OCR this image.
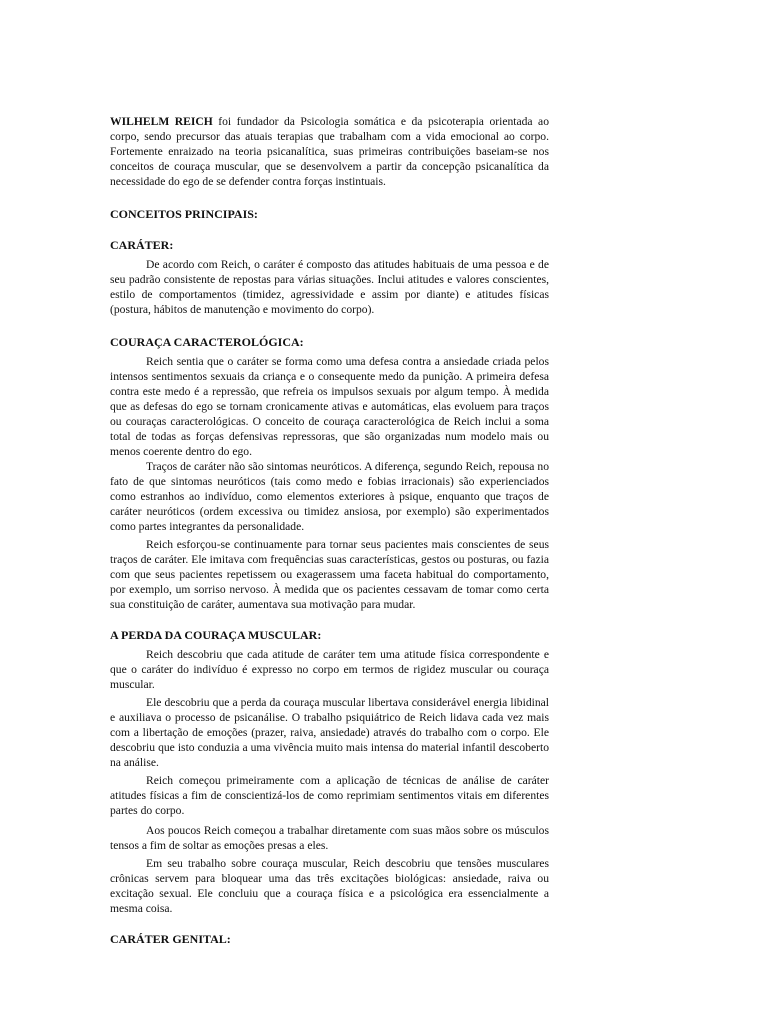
WILHELM REICH foi fundador da Psicologia somática e da psicoterapia orientada ao corpo, sendo precursor das atuais terapias que trabalham com a vida emocional ao corpo. Fortemente enraizado na teoria psicanalítica, suas primeiras contribuições baseiam-se nos conceitos de couraça muscular, que se desenvolvem a partir da concepção psicanalítica da necessidade do ego de se defender contra forças instintuais.

CONCEITOS PRINCIPAIS:
CARÁTER:

De acordo com Reich, o caráter é composto das atitudes habituais de uma pessoa e de seu padrão consistente de repostas para várias situações. Inclui atitudes e valores conscientes, estilo de comportamentos (timidez, agressividade e assim por diante) e atitudes físicas (postura, hábitos de manutenção e movimento do corpo).

COURAÇA CARACTEROLÓGICA:

Reich sentia que o caráter se forma como uma defesa contra a ansiedade criada pelos intensos sentimentos sexuais da criança e o consequente medo da punição. A primeira defesa contra este medo é a repressão, que refreia os impulsos sexuais por algum tempo. À medida que as defesas do ego se tornam cronicamente ativas e automáticas, elas evoluem para traços ou couraças caracterológicas. O conceito de couraça caracterológica de Reich inclui a soma total de todas as forças defensivas repressoras, que são organizadas num modelo mais ou menos coerente dentro do ego.

Traços de caráter não são sintomas neuróticos. A diferença, segundo Reich, repousa no fato de que sintomas neuróticos (tais como medo e fobias irracionais) são experienciados como estranhos ao indivíduo, como elementos exteriores à psique, enquanto que traços de caráter neuróticos (ordem excessiva ou timidez ansiosa, por exemplo) são experimentados como partes integrantes da personalidade.

Reich esforçou-se continuamente para tornar seus pacientes mais conscientes de seus traços de caráter. Ele imitava com frequências suas características, gestos ou posturas, ou fazia com que seus pacientes repetissem ou exagerassem uma faceta habitual do comportamento, por exemplo, um sorriso nervoso. À medida que os pacientes cessavam de tomar como certa sua constituição de caráter, aumentava sua motivação para mudar.

A PERDA DA COURAÇA MUSCULAR:

Reich descobriu que cada atitude de caráter tem uma atitude física correspondente e que o caráter do indivíduo é expresso no corpo em termos de rigidez muscular ou couraça muscular.

Ele descobriu que a perda da couraça muscular libertava considerável energia libidinal e auxiliava o processo de psicanálise. O trabalho psiquiátrico de Reich lidava cada vez mais com a libertação de emoções (prazer, raiva, ansiedade) através do trabalho com o corpo. Ele descobriu que isto conduzia a uma vivência muito mais intensa do material infantil descoberto na análise.

Reich começou primeiramente com a aplicação de técnicas de análise de caráter atitudes físicas a fim de conscientizá-los de como reprimiam sentimentos vitais em diferentes partes do corpo.

Aos poucos Reich começou a trabalhar diretamente com suas mãos sobre os músculos tensos a fim de soltar as emoções presas a eles.

Em seu trabalho sobre couraça muscular, Reich descobriu que tensões musculares crônicas servem para bloquear uma das três excitações biológicas: ansiedade, raiva ou excitação sexual. Ele concluiu que a couraça física e a psicológica era essencialmente a mesma coisa.

CARÁTER GENITAL:
